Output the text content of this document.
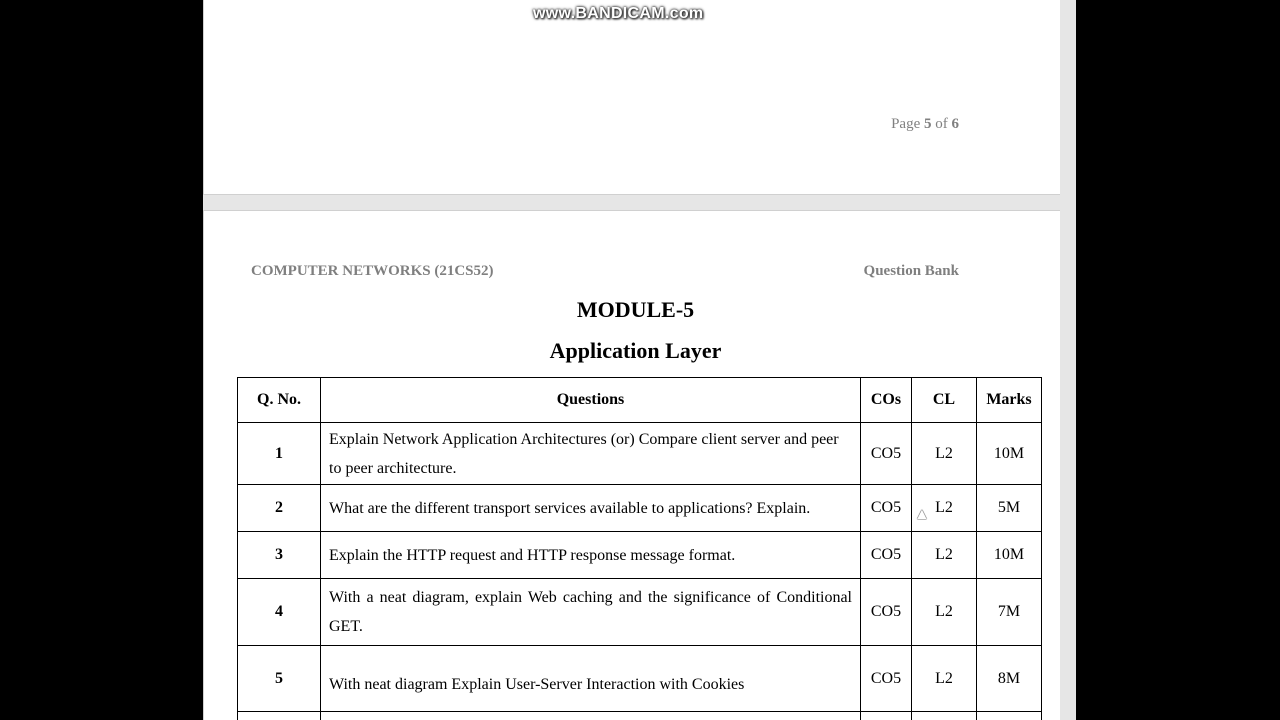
Page 5 of 6
COMPUTER NETWORKS (21CS52)	Question Bank
MODULE-5
Application Layer
Q. No.	Questions	COs	CL	Marks
1	Explain Network Application Architectures (or) Compare client server and peer to peer architecture.	CO5	L2	10M
2	What are the different transport services available to applications? Explain.	CO5	L2	5M
3	Explain the HTTP request and HTTP response message format.	CO5	L2	10M
4	With a neat diagram, explain Web caching and the significance of Conditional GET.	CO5	L2	7M
5	With neat diagram Explain User-Server Interaction with Cookies	CO5	L2	8M

www.BANDICAM.com
▲
